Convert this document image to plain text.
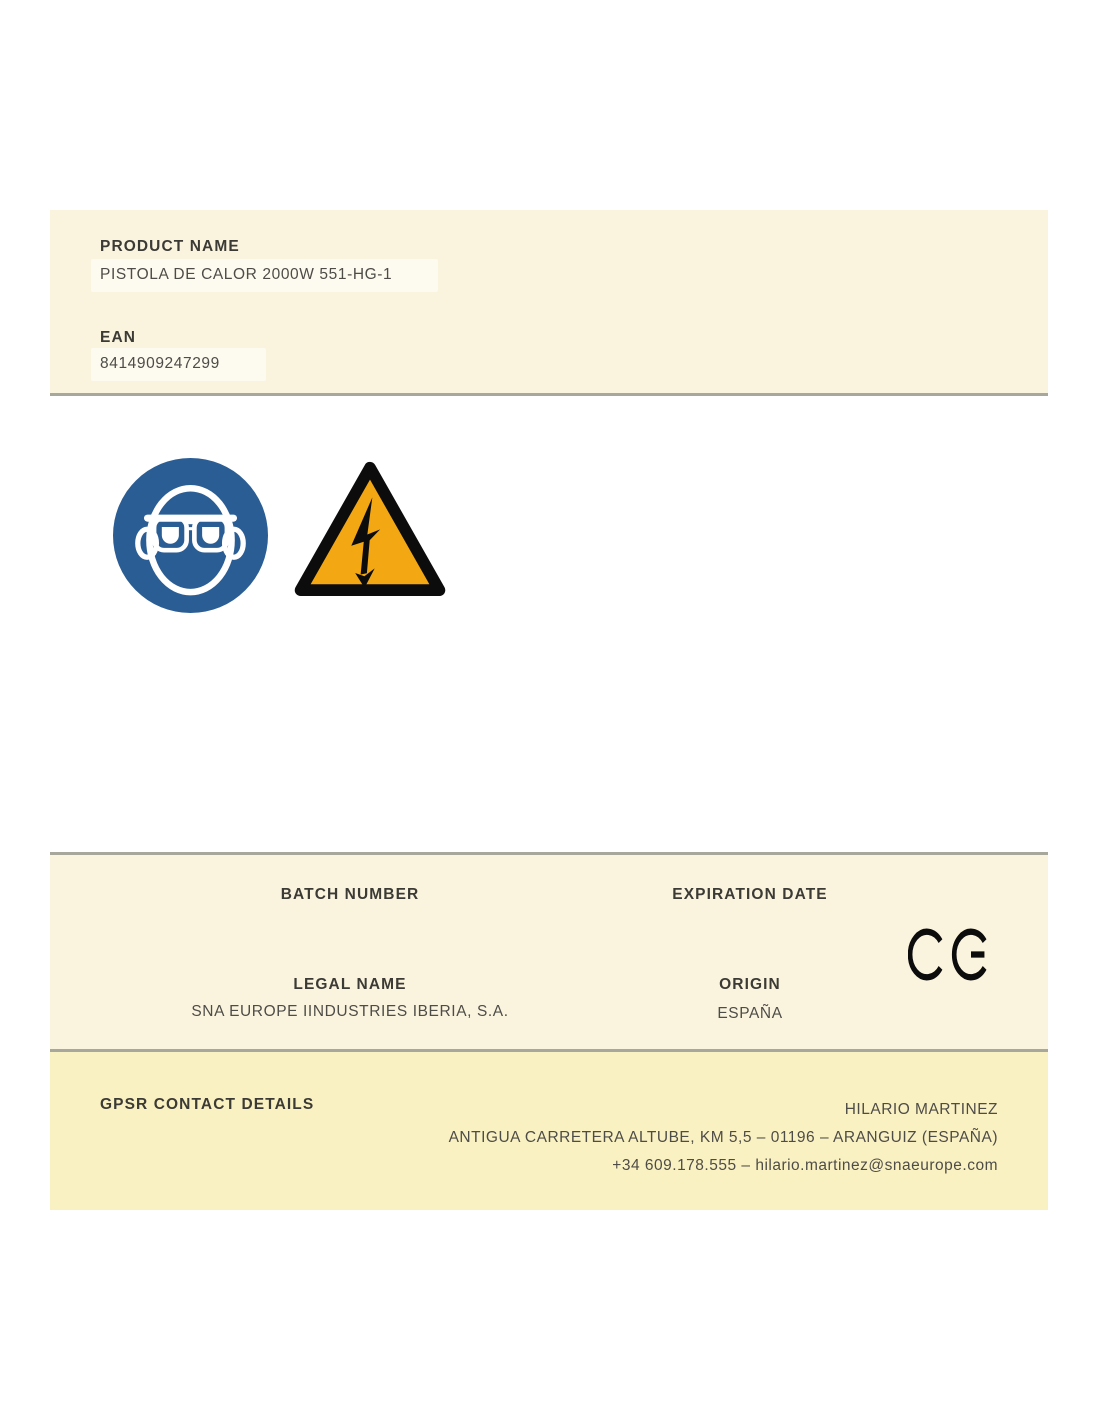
PRODUCT NAME
PISTOLA DE CALOR 2000W 551-HG-1
EAN
8414909247299
BATCH NUMBER	EXPIRATION DATE
LEGAL NAME
SNA EUROPE IINDUSTRIES IBERIA, S.A.
ORIGIN
ESPAÑA
GPSR CONTACT DETAILS	HILARIO MARTINEZ
ANTIGUA CARRETERA ALTUBE, KM 5,5 – 01196 – ARANGUIZ (ESPAÑA)
+34 609.178.555 – hilario.martinez@snaeurope.com
